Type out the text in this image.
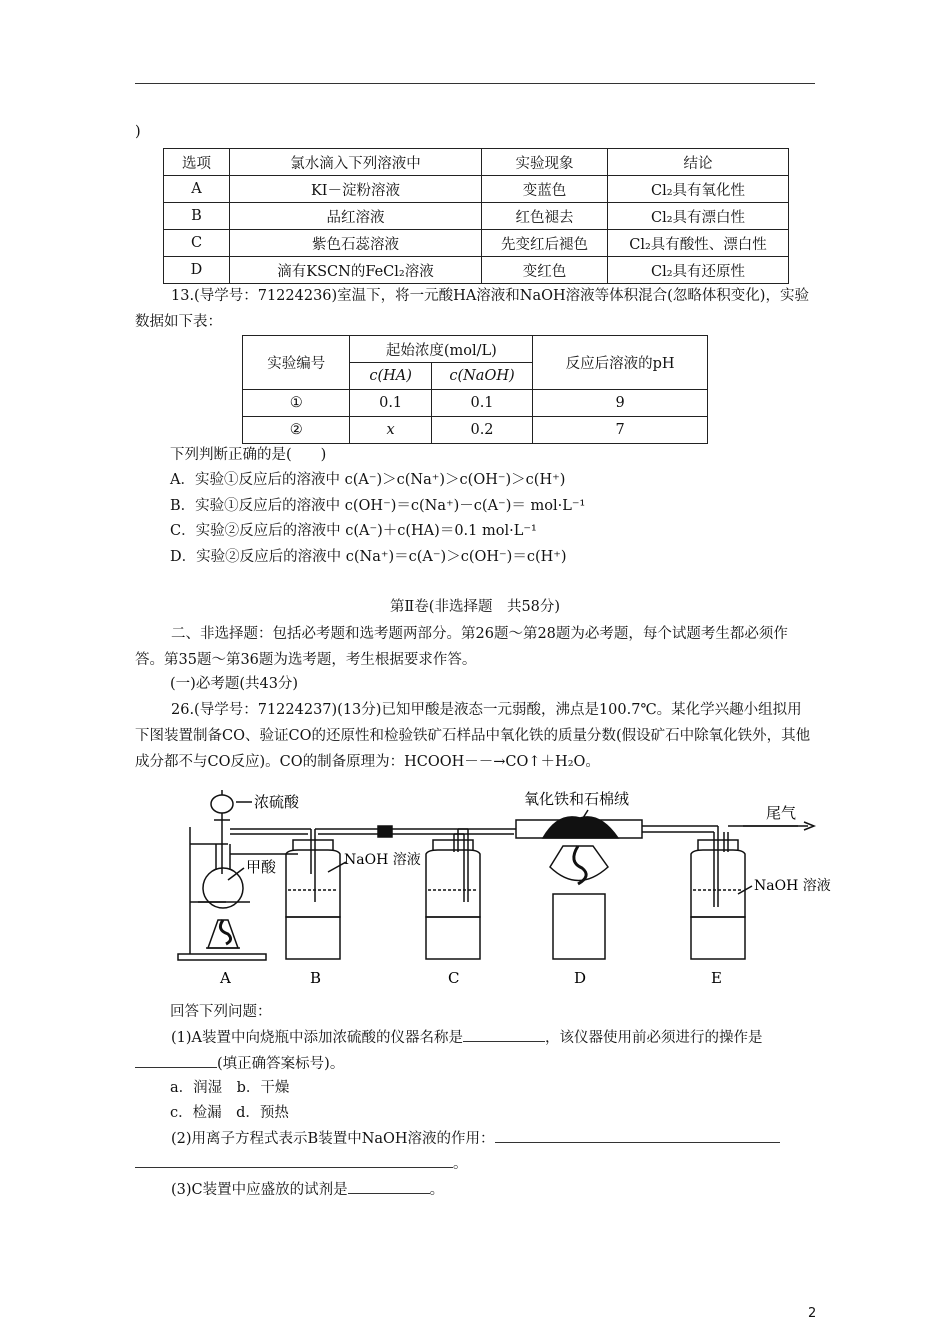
)
选项	氯水滴入下列溶液中	实验现象	结论
A	KI－淀粉溶液	变蓝色	Cl₂具有氧化性
B	品红溶液	红色褪去	Cl₂具有漂白性
C	紫色石蕊溶液	先变红后褪色	Cl₂具有酸性、漂白性
D	滴有KSCN的FeCl₂溶液	变红色	Cl₂具有还原性
13.(导学号：71224236)室温下，将一元酸HA溶液和NaOH溶液等体积混合(忽略体积变化)，实验数据如下表：
实验编号	起始浓度(mol/L)		反应后溶液的pH
	c(HA)	c(NaOH)	
①	0.1	0.1	9
②	x	0.2	7
下列判断正确的是(　　)
A．实验①反应后的溶液中 c(A⁻)＞c(Na⁺)＞c(OH⁻)＞c(H⁺)
B．实验①反应后的溶液中 c(OH⁻)＝c(Na⁺)－c(A⁻)＝ mol·L⁻¹
C．实验②反应后的溶液中 c(A⁻)＋c(HA)＝0.1 mol·L⁻¹
D．实验②反应后的溶液中 c(Na⁺)＝c(A⁻)＞c(OH⁻)＝c(H⁺)
第Ⅱ卷(非选择题　共58分)
二、非选择题：包括必考题和选考题两部分。第26题～第28题为必考题，每个试题考生都必须作答。第35题～第36题为选考题，考生根据要求作答。
(一)必考题(共43分)
26.(导学号：71224237)(13分)已知甲酸是液态一元弱酸，沸点是100.7℃。某化学兴趣小组拟用下图装置制备CO、验证CO的还原性和检验铁矿石样品中氧化铁的质量分数(假设矿石中除氧化铁外，其他成分都不与CO反应)。CO的制备原理为：HCOOH－－→CO↑＋H₂O。
浓硫酸
甲酸	NaOH 溶液
氧化铁和石棉绒
尾气
NaOH 溶液
A	B	C	D	E
回答下列问题：
(1)A装置中向烧瓶中添加浓硫酸的仪器名称是	，该仪器使用前必须进行的操作是
(填正确答案标号)。
a．润湿　b．干燥
c．检漏　d．预热
(2)用离子方程式表示B装置中NaOH溶液的作用：
。
(3)C装置中应盛放的试剂是	。
2
